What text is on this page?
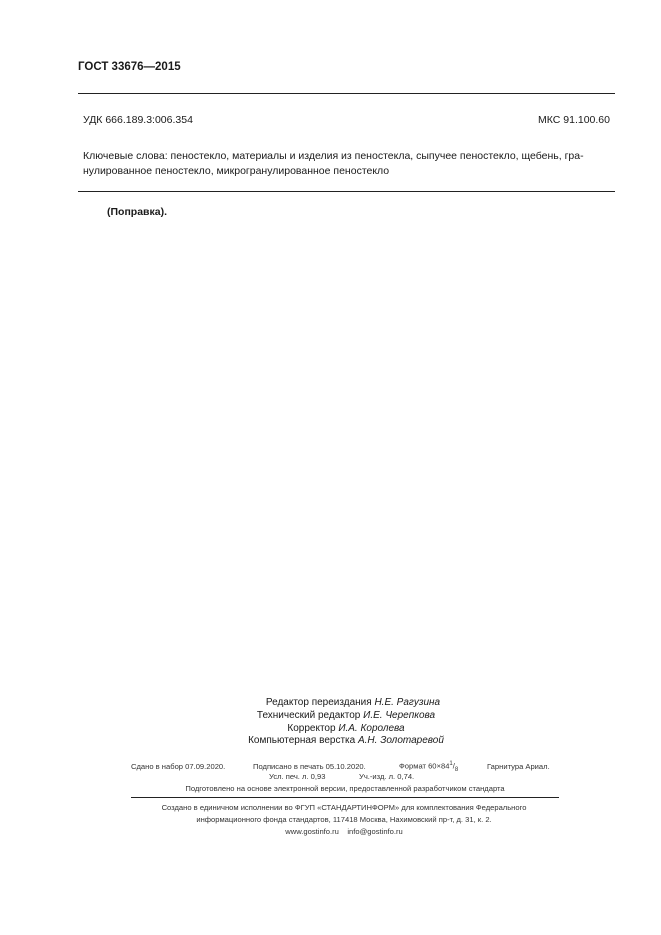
ГОСТ 33676—2015
УДК 666.189.3:006.354	МКС 91.100.60
Ключевые слова: пеностекло, материалы и изделия из пеностекла, сыпучее пеностекло, щебень, гра-
нулированное пеностекло, микрогранулированное пеностекло
(Поправка).
Редактор переиздания Н.Е. Рагузина
Технический редактор И.Е. Черепкова
Корректор И.А. Королева
Компьютерная верстка А.Н. Золотаревой
Сдано в набор 07.09.2020.	Подписано в печать 05.10.2020.	Формат $60\times 84^1/_8$	Гарнитура Ариал.
Усл. печ. л. 0,93	Уч.-изд. л. 0,74.
Подготовлено на основе электронной версии, предоставленной разработчиком стандарта
Создано в единичном исполнении во ФГУП «СТАНДАРТИНФОРМ» для комплектования Федерального
информационного фонда стандартов, 117418 Москва, Нахимовский пр-т, д. 31, к. 2.
www.gostinfo.ru info@gostinfo.ru
